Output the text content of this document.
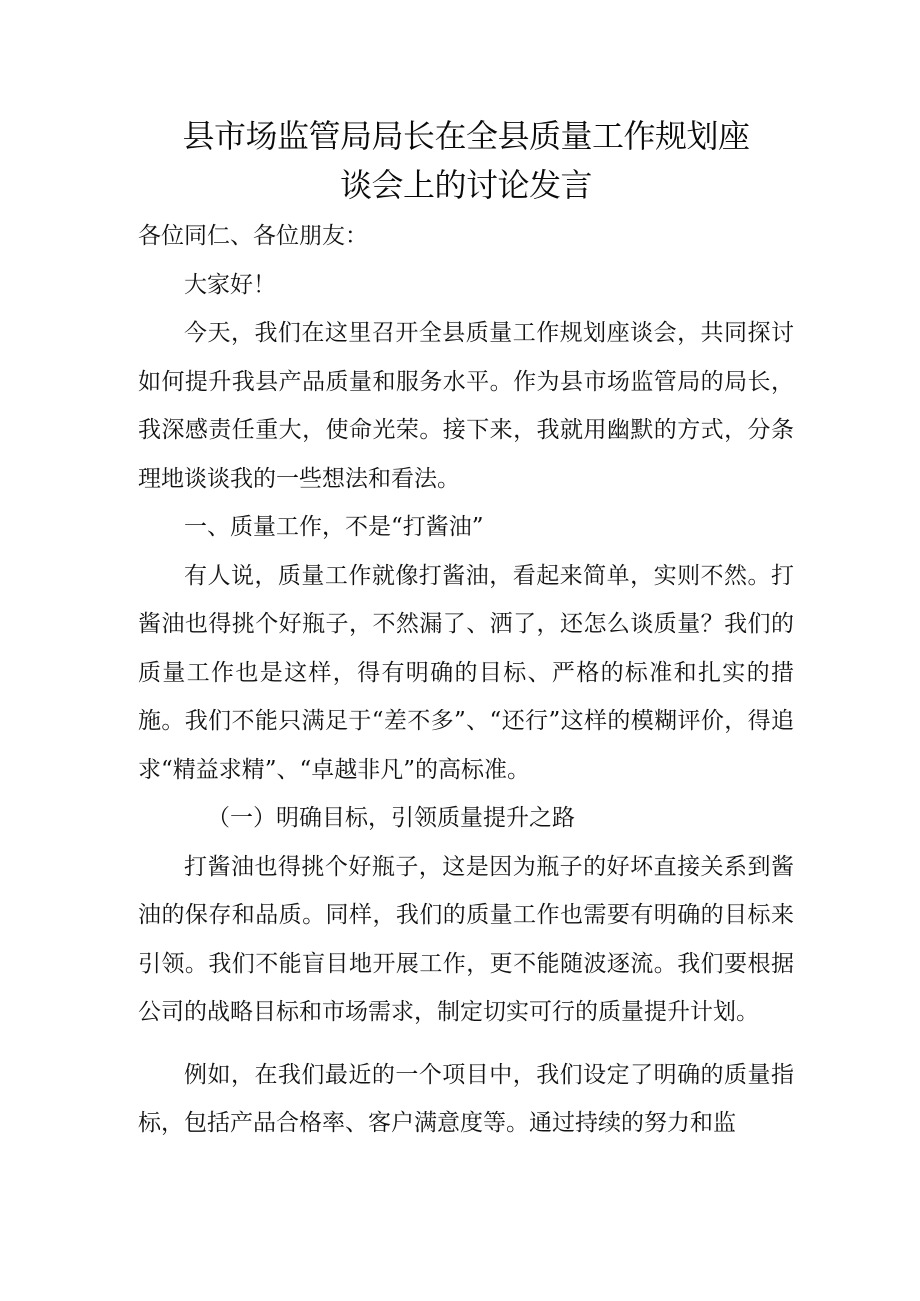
县市场监管局局长在全县质量工作规划座
谈会上的讨论发言

各位同仁、各位朋友：

大家好！

今天，我们在这里召开全县质量工作规划座谈会，共同探讨如何提升我县产品质量和服务水平。作为县市场监管局的局长，我深感责任重大，使命光荣。接下来，我就用幽默的方式，分条理地谈谈我的一些想法和看法。

一、质量工作，不是“打酱油”

有人说，质量工作就像打酱油，看起来简单，实则不然。打酱油也得挑个好瓶子，不然漏了、洒了，还怎么谈质量？我们的质量工作也是这样，得有明确的目标、严格的标准和扎实的措施。我们不能只满足于“差不多”、“还行”这样的模糊评价，得追求“精益求精”、“卓越非凡”的高标准。

（一）明确目标，引领质量提升之路

打酱油也得挑个好瓶子，这是因为瓶子的好坏直接关系到酱油的保存和品质。同样，我们的质量工作也需要有明确的目标来引领。我们不能盲目地开展工作，更不能随波逐流。我们要根据公司的战略目标和市场需求，制定切实可行的质量提升计划。

例如，在我们最近的一个项目中，我们设定了明确的质量指标，包括产品合格率、客户满意度等。通过持续的努力和监
